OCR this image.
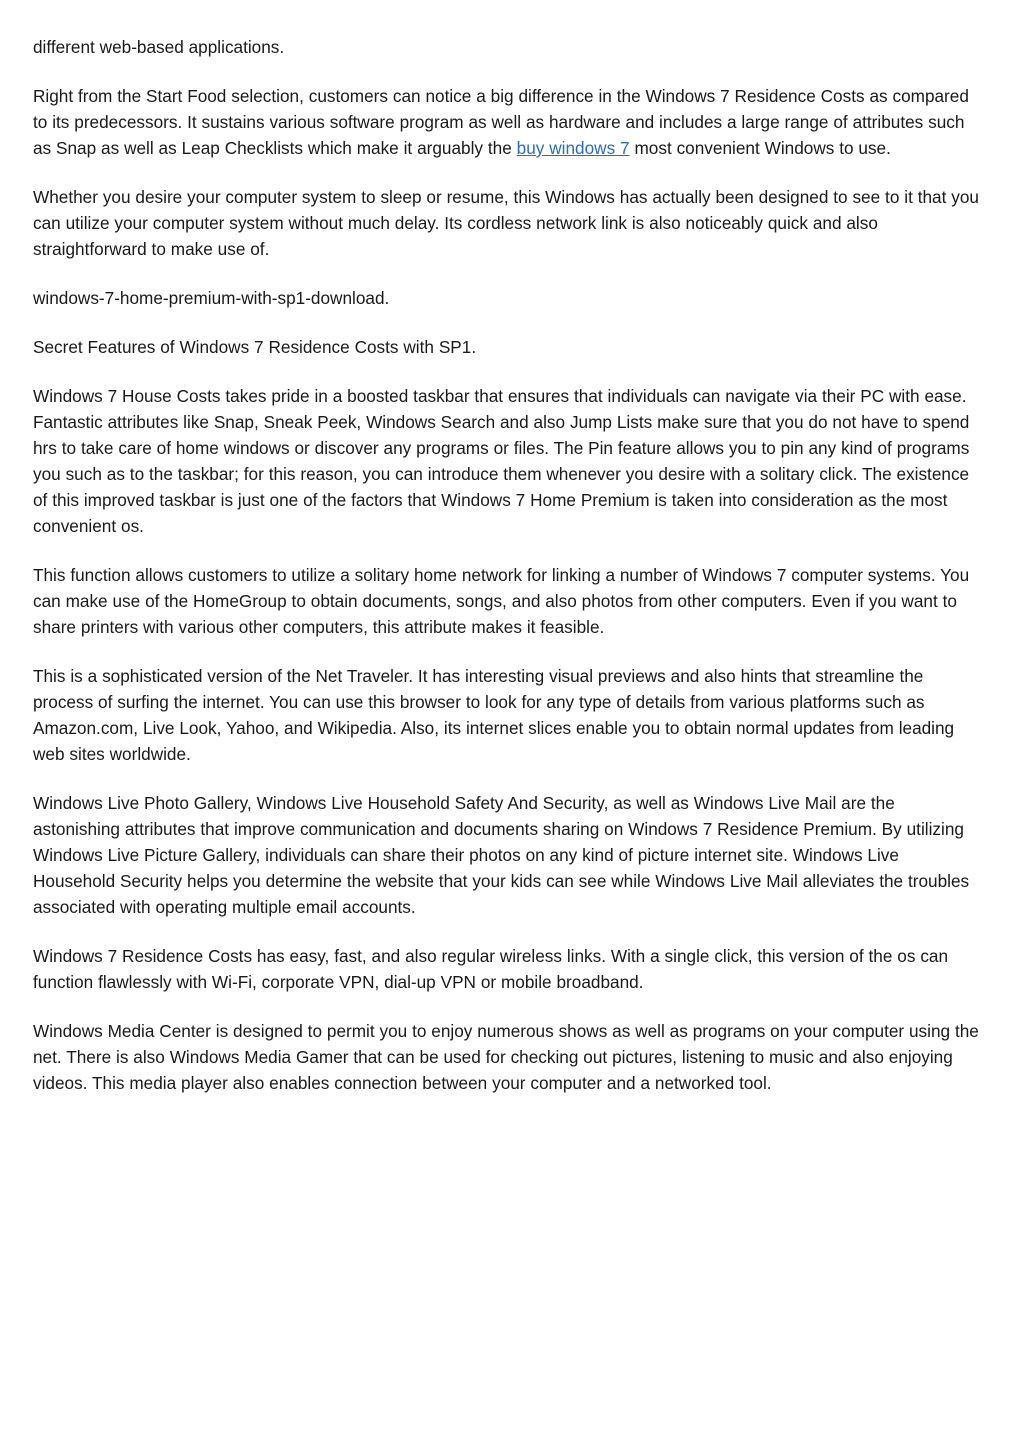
different web-based applications.

Right from the Start Food selection, customers can notice a big difference in the Windows 7 Residence Costs as compared to its predecessors. It sustains various software program as well as hardware and includes a large range of attributes such as Snap as well as Leap Checklists which make it arguably the buy windows 7 most convenient Windows to use.

Whether you desire your computer system to sleep or resume, this Windows has actually been designed to see to it that you can utilize your computer system without much delay. Its cordless network link is also noticeably quick and also straightforward to make use of.

windows-7-home-premium-with-sp1-download.

Secret Features of Windows 7 Residence Costs with SP1.

Windows 7 House Costs takes pride in a boosted taskbar that ensures that individuals can navigate via their PC with ease. Fantastic attributes like Snap, Sneak Peek, Windows Search and also Jump Lists make sure that you do not have to spend hrs to take care of home windows or discover any programs or files. The Pin feature allows you to pin any kind of programs you such as to the taskbar; for this reason, you can introduce them whenever you desire with a solitary click. The existence of this improved taskbar is just one of the factors that Windows 7 Home Premium is taken into consideration as the most convenient os.

This function allows customers to utilize a solitary home network for linking a number of Windows 7 computer systems. You can make use of the HomeGroup to obtain documents, songs, and also photos from other computers. Even if you want to share printers with various other computers, this attribute makes it feasible.

This is a sophisticated version of the Net Traveler. It has interesting visual previews and also hints that streamline the process of surfing the internet. You can use this browser to look for any type of details from various platforms such as Amazon.com, Live Look, Yahoo, and Wikipedia. Also, its internet slices enable you to obtain normal updates from leading web sites worldwide.

Windows Live Photo Gallery, Windows Live Household Safety And Security, as well as Windows Live Mail are the astonishing attributes that improve communication and documents sharing on Windows 7 Residence Premium. By utilizing Windows Live Picture Gallery, individuals can share their photos on any kind of picture internet site. Windows Live Household Security helps you determine the website that your kids can see while Windows Live Mail alleviates the troubles associated with operating multiple email accounts.

Windows 7 Residence Costs has easy, fast, and also regular wireless links. With a single click, this version of the os can function flawlessly with Wi-Fi, corporate VPN, dial-up VPN or mobile broadband.

Windows Media Center is designed to permit you to enjoy numerous shows as well as programs on your computer using the net. There is also Windows Media Gamer that can be used for checking out pictures, listening to music and also enjoying videos. This media player also enables connection between your computer and a networked tool.
